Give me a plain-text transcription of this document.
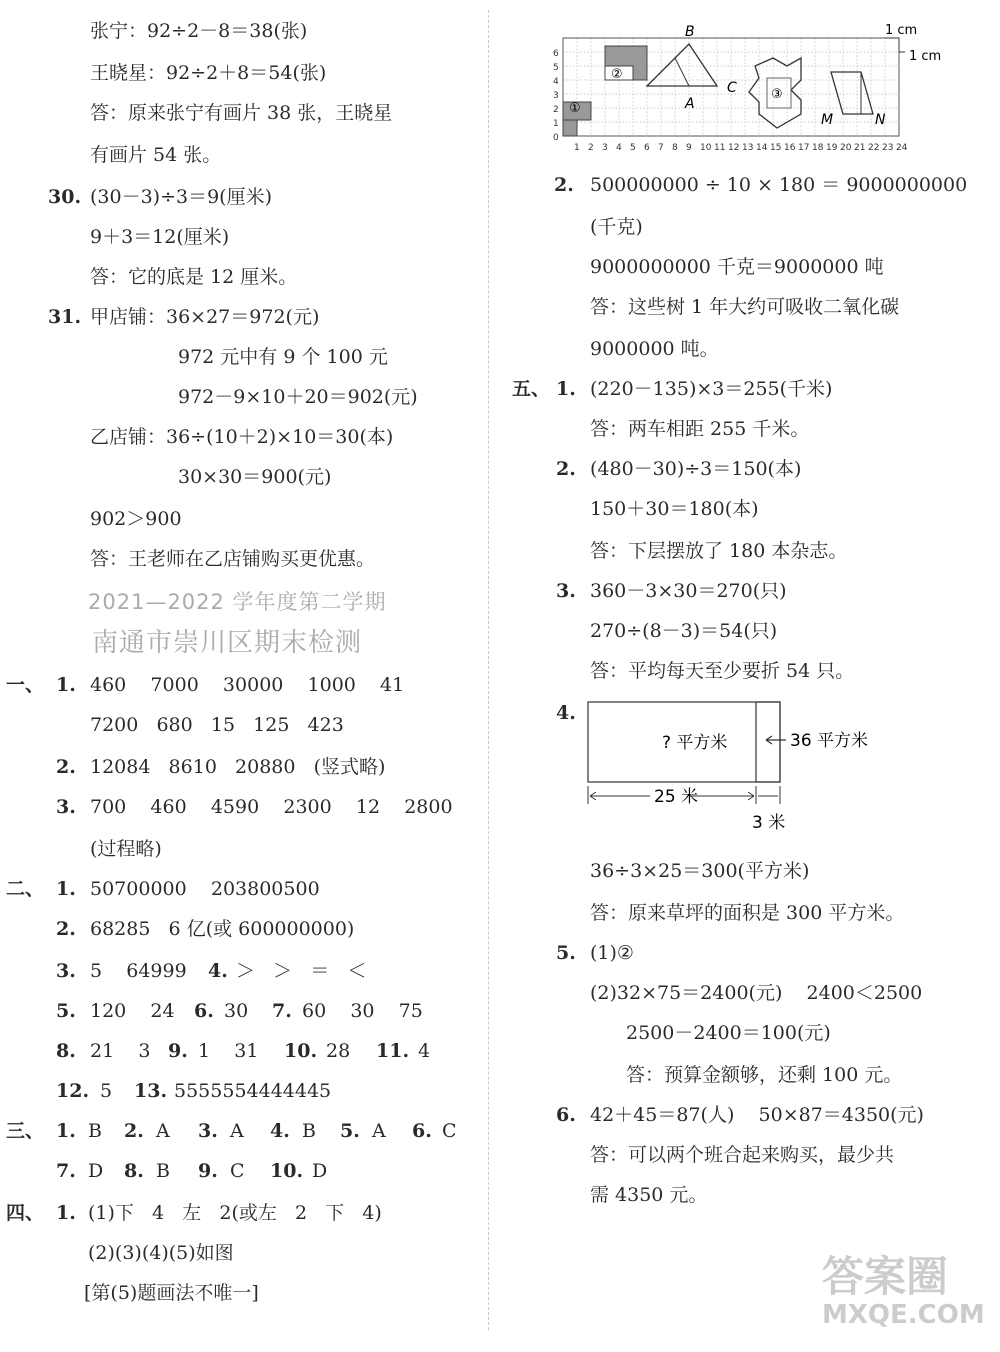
张宁：92÷2－8＝38(张)
王晓星：92÷2＋8＝54(张)
答：原来张宁有画片 38 张，王晓星
有画片 54 张。
30. (30－3)÷3＝9(厘米)
9＋3＝12(厘米)
答：它的底是 12 厘米。
31. 甲店铺：36×27＝972(元)
972 元中有 9 个 100 元
972－9×10＋20＝902(元)
乙店铺：36÷(10＋2)×10＝30(本)
30×30＝900(元)
902＞900
答：王老师在乙店铺购买更优惠。
2021—2022 学年度第二学期
南通市崇川区期末检测
一、 1. 460    7000    30000    1000    41
7200   680   15   125   423
2. 12084   8610   20880   (竖式略)
3. 700    460    4590    2300    12    2800
(过程略)
二、 1. 50700000    203800500
2. 68285   6 亿(或 600000000)
3. 5    64999 4. ＞   ＞   ＝   ＜
5. 120    24 6. 30 7. 60    30    75
8. 21    3 9. 1    31 10. 28 11. 4
12. 5 13. 5555554444445
三、 1. B 2. A 3. A 4. B 5. A 6. C
7. D 8. B 9. C 10. D
四、 1. (1)下   4   左   2(或左   2   下   4)
(2)(3)(4)(5)如图
[第(5)题画法不唯一]
①
②
B
A
C	③
M	N
1 cm
1 cm
1 2 3 4 5 6 7 8 9 10 11 12 13 14 15 16 17 18 19 20 21 22 23 24
0
1
2
3
4
5
6
2. 500000000 ÷ 10 × 180 ＝ 9000000000
(千克)
9000000000 千克＝9000000 吨
答：这些树 1 年大约可吸收二氧化碳
9000000 吨。
五、 1. (220－135)×3＝255(千米)
答：两车相距 255 千米。
2. (480－30)÷3＝150(本)
150＋30＝180(本)
答：下层摆放了 180 本杂志。
3. 360－3×30＝270(只)
270÷(8－3)＝54(只)
答：平均每天至少要折 54 只。
4.
? 平方米	36 平方米
25 米
3 米
36÷3×25＝300(平方米)
答：原来草坪的面积是 300 平方米。
5. (1)②
(2)32×75＝2400(元)    2400＜2500
2500－2400＝100(元)
答：预算金额够，还剩 100 元。
6. 42＋45＝87(人)    50×87＝4350(元)
答：可以两个班合起来购买，最少共
需 4350 元。
答案圈
MXQE.COM
